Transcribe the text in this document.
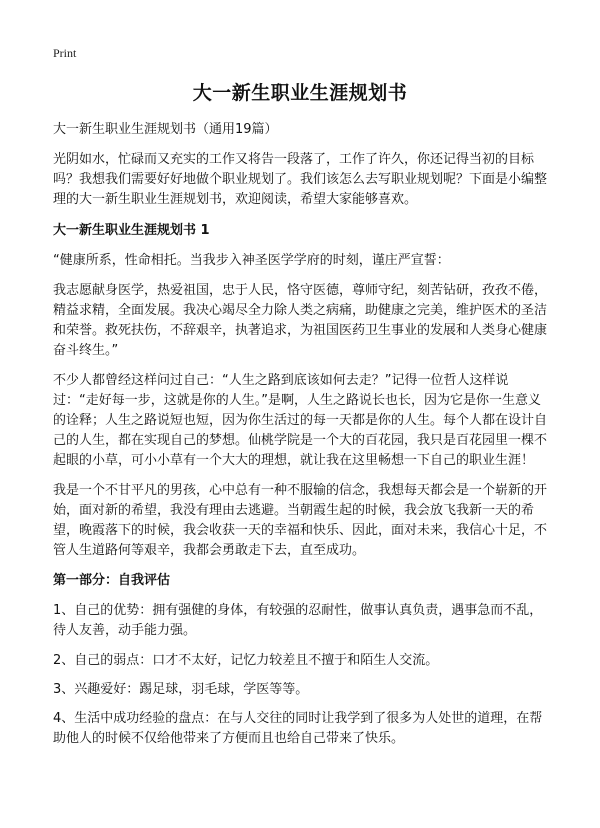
Print
大一新生职业生涯规划书

大一新生职业生涯规划书（通用19篇）

光阴如水，忙碌而又充实的工作又将告一段落了，工作了许久，你还记得当初的目标吗？我想我们需要好好地做个职业规划了。我们该怎么去写职业规划呢？下面是小编整理的大一新生职业生涯规划书，欢迎阅读，希望大家能够喜欢。

大一新生职业生涯规划书 1

“健康所系，性命相托。当我步入神圣医学学府的时刻，谨庄严宣誓：

我志愿献身医学，热爱祖国，忠于人民，恪守医德，尊师守纪，刻苦钻研，孜孜不倦，精益求精，全面发展。我决心竭尽全力除人类之病痛，助健康之完美，维护医术的圣洁和荣誉。救死扶伤，不辞艰辛，执著追求，为祖国医药卫生事业的发展和人类身心健康奋斗终生。”

不少人都曾经这样问过自己：“人生之路到底该如何去走？”记得一位哲人这样说过：“走好每一步，这就是你的人生。”是啊，人生之路说长也长，因为它是你一生意义的诠释；人生之路说短也短，因为你生活过的每一天都是你的人生。每个人都在设计自己的人生，都在实现自己的梦想。仙桃学院是一个大的百花园，我只是百花园里一棵不起眼的小草，可小小草有一个大大的理想，就让我在这里畅想一下自己的职业生涯！

我是一个不甘平凡的男孩，心中总有一种不服输的信念，我想每天都会是一个崭新的开始，面对新的希望，我没有理由去逃避。当朝霞生起的时候，我会放飞我新一天的希望，晚霞落下的时候，我会收获一天的幸福和快乐、因此，面对未来，我信心十足，不管人生道路何等艰辛，我都会勇敢走下去，直至成功。

第一部分：自我评估

1、自己的优势：拥有强健的身体，有较强的忍耐性，做事认真负责，遇事急而不乱，待人友善，动手能力强。

2、自己的弱点：口才不太好，记忆力较差且不擅于和陌生人交流。

3、兴趣爱好：踢足球，羽毛球，学医等等。

4、生活中成功经验的盘点：在与人交往的同时让我学到了很多为人处世的道理，在帮助他人的时候不仅给他带来了方便而且也给自己带来了快乐。
